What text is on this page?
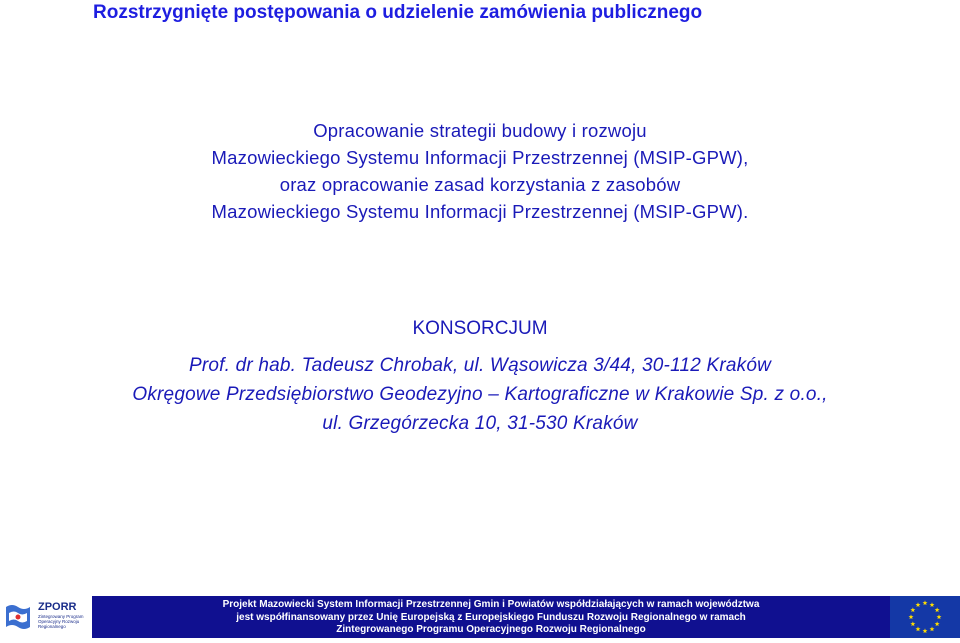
Rozstrzygnięte postępowania o udzielenie zamówienia publicznego
Opracowanie strategii budowy i rozwoju
Mazowieckiego Systemu Informacji Przestrzennej (MSIP-GPW),
oraz opracowanie zasad korzystania z zasobów
Mazowieckiego Systemu Informacji Przestrzennej (MSIP-GPW).
KONSORCJUM
Prof. dr hab. Tadeusz Chrobak, ul. Wąsowicza 3/44, 30-112 Kraków
Okręgowe Przedsiębiorstwo Geodezyjno – Kartograficzne w Krakowie Sp. z o.o.,
ul. Grzegórzecka 10, 31-530 Kraków
ZPORR
Zintegrowany Program Operacyjny Rozwoju Regionalnego
Projekt Mazowiecki System Informacji Przestrzennej Gmin i Powiatów współdziałających w ramach województwa
jest współfinansowany przez Unię Europejską z Europejskiego Funduszu Rozwoju Regionalnego w ramach
Zintegrowanego Programu Operacyjnego Rozwoju Regionalnego
